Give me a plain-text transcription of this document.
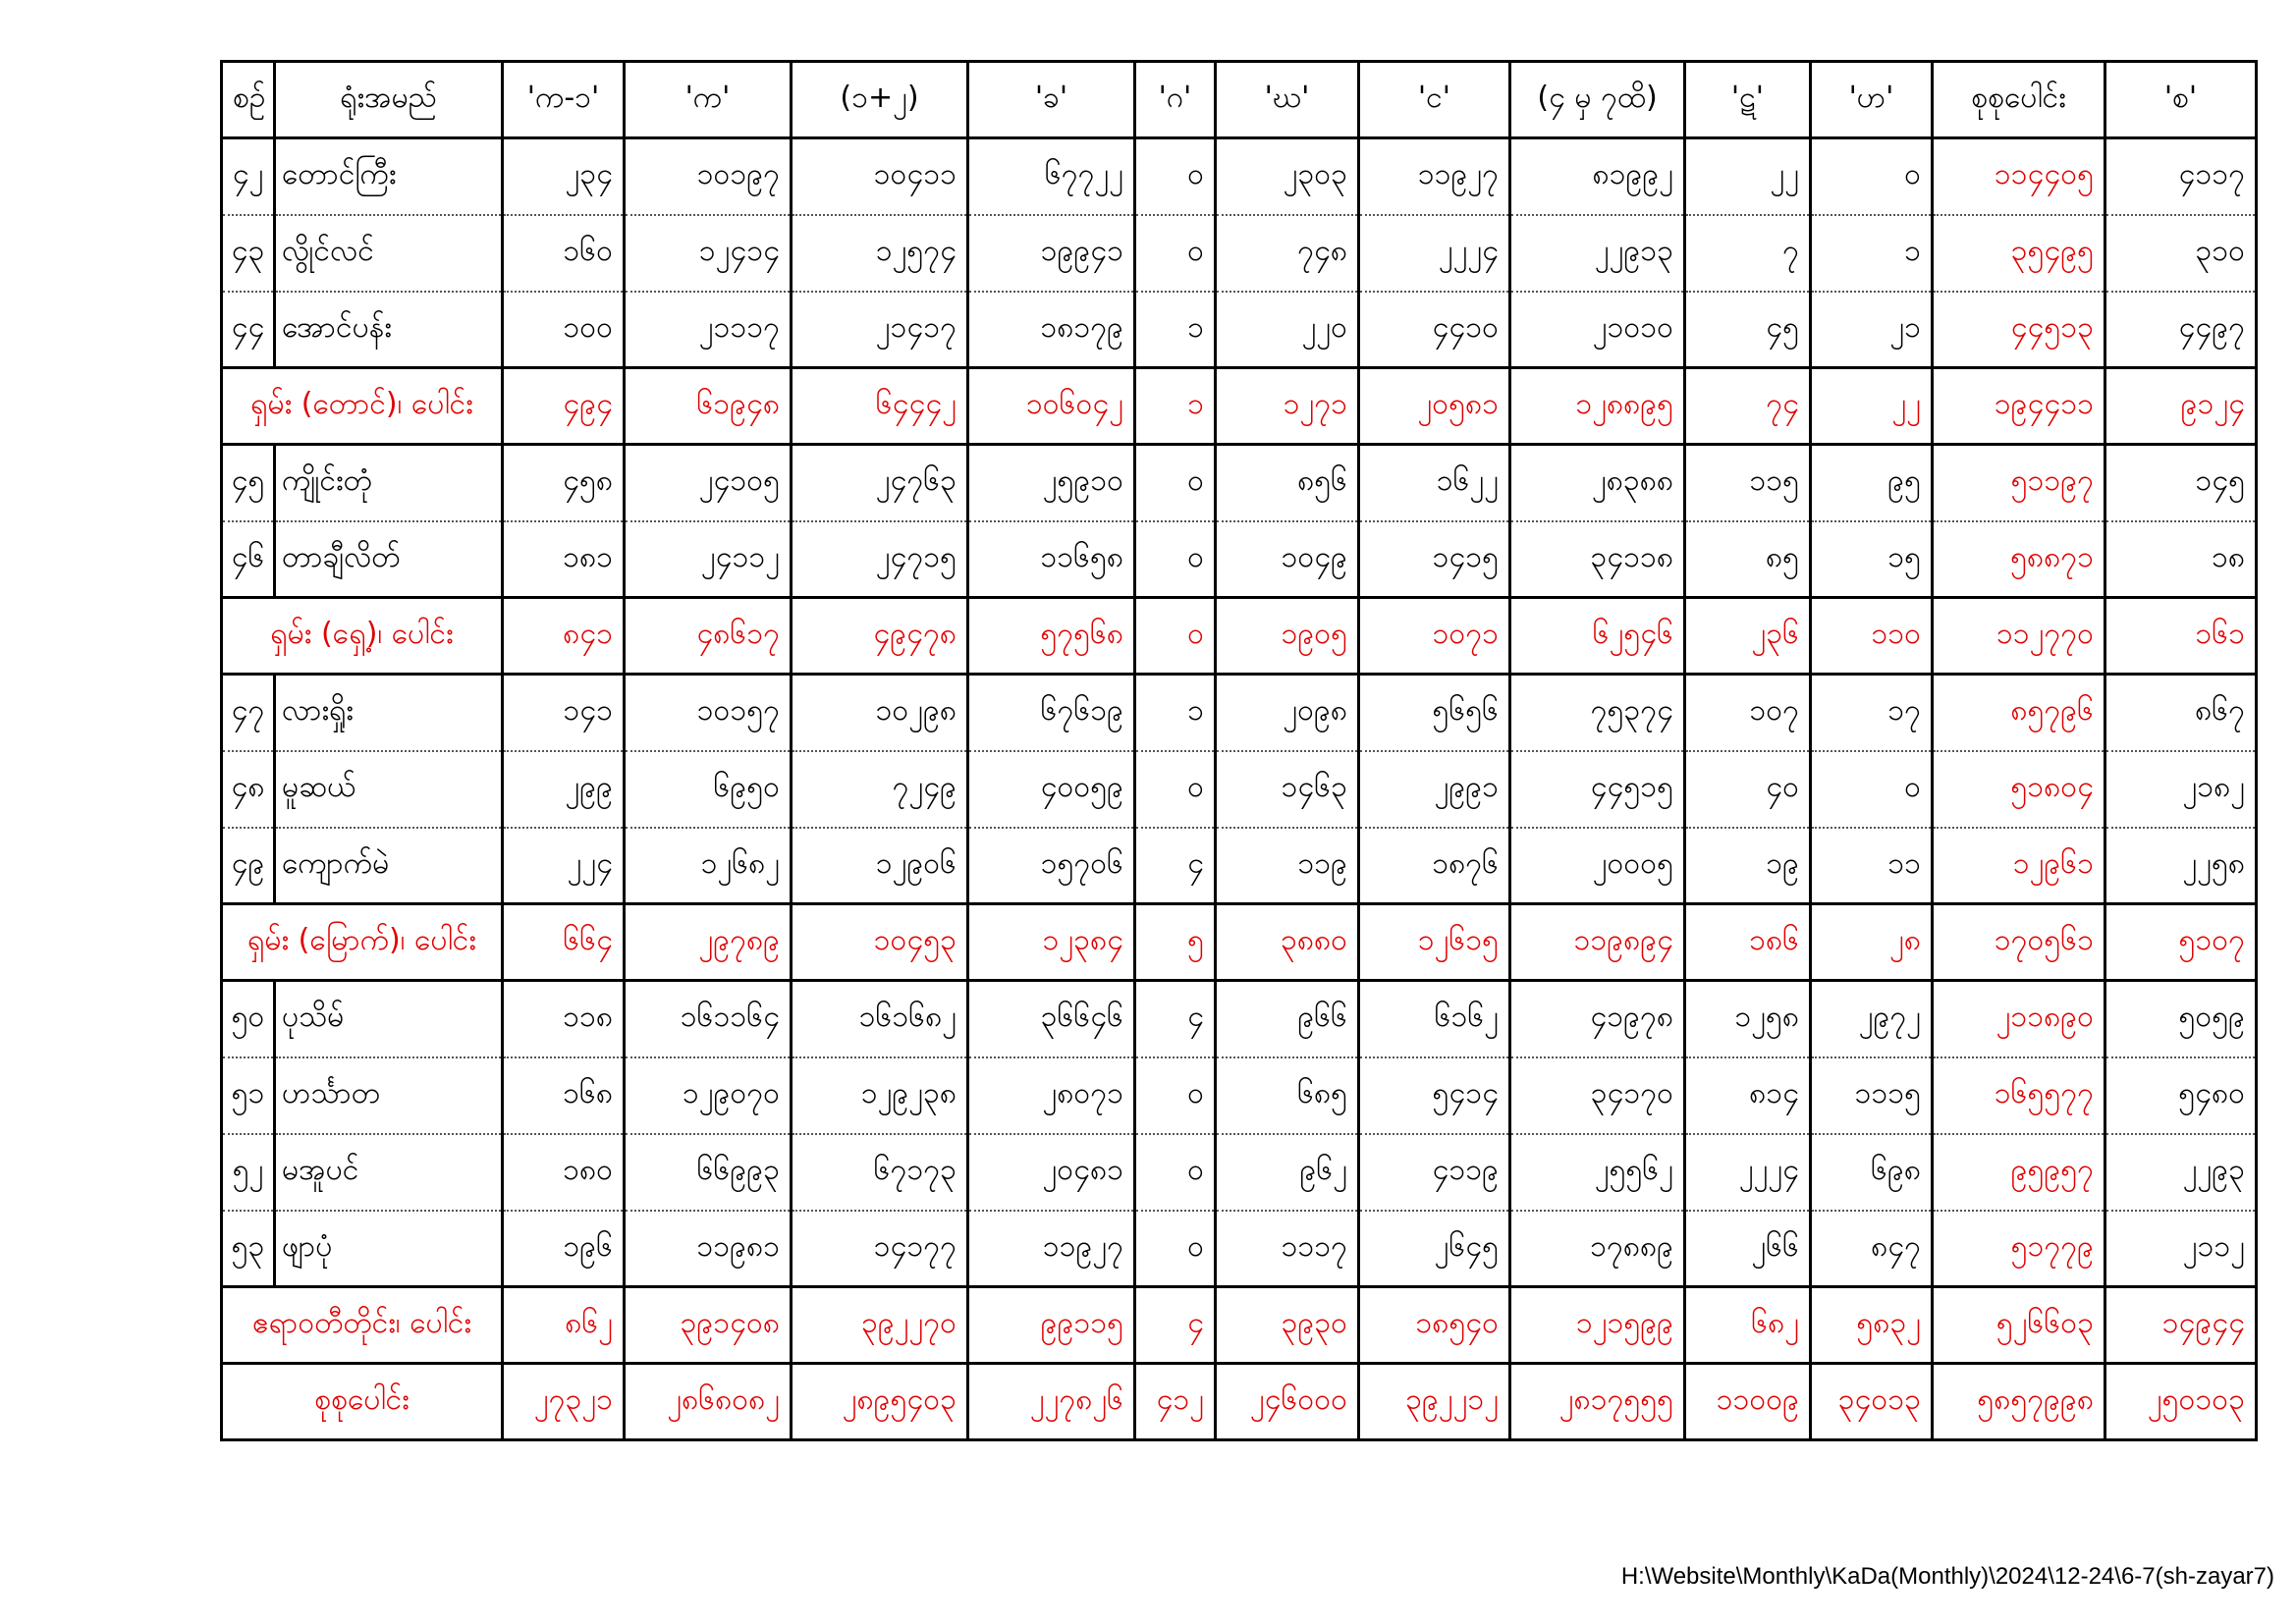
စဉ်	ရုံးအမည်	'က-၁'	'က'	(၁+၂)	'ခ'	'ဂ'	'ဃ'	'င'	(၄ မှ ၇ထိ)	'ဋ'	'ဟ'	စုစုပေါင်း	'စ'
၄၂	တောင်ကြီး	၂၃၄	၁၀၁၉၇	၁၀၄၁၁	၆၇၇၂၂	၀	၂၃၀၃	၁၁၉၂၇	၈၁၉၉၂	၂၂	၀	၁၁၄၄၀၅	၄၁၁၇
၄၃	လွိုင်လင်	၁၆၀	၁၂၄၁၄	၁၂၅၇၄	၁၉၉၄၁	၀	၇၄၈	၂၂၂၄	၂၂၉၁၃	၇	၁	၃၅၄၉၅	၃၁၀
၄၄	အောင်ပန်း	၁၀၀	၂၁၁၁၇	၂၁၄၁၇	၁၈၁၇၉	၁	၂၂၀	၄၄၁၀	၂၁၀၁၀	၄၅	၂၁	၄၄၅၁၃	၄၄၉၇
ရှမ်း (တောင်)၊ ပေါင်း		၄၉၄	၆၁၉၄၈	၆၄၄၄၂	၁၀၆၀၄၂	၁	၁၂၇၁	၂၀၅၈၁	၁၂၈၈၉၅	၇၄	၂၂	၁၉၄၄၁၁	၉၁၂၄
၄၅	ကျိုင်းတုံ	၄၅၈	၂၄၁၀၅	၂၄၇၆၃	၂၅၉၁၀	၀	၈၅၆	၁၆၂၂	၂၈၃၈၈	၁၁၅	၉၅	၅၁၁၉၇	၁၄၅
၄၆	တာချီလိတ်	၁၈၁	၂၄၁၁၂	၂၄၇၁၅	၁၁၆၅၈	၀	၁၀၄၉	၁၄၁၅	၃၄၁၁၈	၈၅	၁၅	၅၈၈၇၁	၁၈
ရှမ်း (ရှေ့)၊ ပေါင်း		၈၄၁	၄၈၆၁၇	၄၉၄၇၈	၅၇၅၆၈	၀	၁၉၀၅	၁၀၇၁	၆၂၅၄၆	၂၃၆	၁၁၀	၁၁၂၇၇၀	၁၆၁
၄၇	လားရှိုး	၁၄၁	၁၀၁၅၇	၁၀၂၉၈	၆၇၆၁၉	၁	၂၀၉၈	၅၆၅၆	၇၅၃၇၄	၁၀၇	၁၇	၈၅၇၉၆	၈၆၇
၄၈	မူဆယ်	၂၉၉	၆၉၅၀	၇၂၄၉	၄၀၀၅၉	၀	၁၄၆၃	၂၉၉၁	၄၄၅၁၅	၄၀	၀	၅၁၈၀၄	၂၁၈၂
၄၉	ကျောက်မဲ	၂၂၄	၁၂၆၈၂	၁၂၉၀၆	၁၅၇၀၆	၄	၁၁၉	၁၈၇၆	၂၀၀၀၅	၁၉	၁၁	၁၂၉၆၁	၂၂၅၈
ရှမ်း (မြောက်)၊ ပေါင်း		၆၆၄	၂၉၇၈၉	၁၀၄၅၃	၁၂၃၈၄	၅	၃၈၈၀	၁၂၆၁၅	၁၁၉၈၉၄	၁၈၆	၂၈	၁၇၀၅၆၁	၅၁၀၇
၅၀	ပုသိမ်	၁၁၈	၁၆၁၁၆၄	၁၆၁၆၈၂	၃၆၆၄၆	၄	၉၆၆	၆၁၆၂	၄၁၉၇၈	၁၂၅၈	၂၉၇၂	၂၁၁၈၉၀	၅၀၅၉
၅၁	ဟင်္သာတ	၁၆၈	၁၂၉၀၇၀	၁၂၉၂၃၈	၂၈၀၇၁	၀	၆၈၅	၅၄၁၄	၃၄၁၇၀	၈၁၄	၁၁၁၅	၁၆၅၅၇၇	၅၄၈၀
၅၂	မအူပင်	၁၈၀	၆၆၉၉၃	၆၇၁၇၃	၂၀၄၈၁	၀	၉၆၂	၄၁၁၉	၂၅၅၆၂	၂၂၂၄	၆၉၈	၉၅၉၅၇	၂၂၉၃
၅၃	ဖျာပုံ	၁၉၆	၁၁၉၈၁	၁၄၁၇၇	၁၁၉၂၇	၀	၁၁၁၇	၂၆၄၅	၁၇၈၈၉	၂၆၆	၈၄၇	၅၁၇၇၉	၂၁၁၂
ဧရာဝတီတိုင်း၊ ပေါင်း		၈၆၂	၃၉၁၄၀၈	၃၉၂၂၇၀	၉၉၁၁၅	၄	၃၉၃၀	၁၈၅၄၀	၁၂၁၅၉၉	၆၈၂	၅၈၃၂	၅၂၆၆၀၃	၁၄၉၄၄
စုစုပေါင်း		၂၇၃၂၁	၂၈၆၈၀၈၂	၂၈၉၅၄၀၃	၂၂၇၈၂၆	၄၁၂	၂၄၆၀၀၀	၃၉၂၂၁၂	၂၈၁၇၅၅၅	၁၁၀၀၉	၃၄၀၁၃	၅၈၅၇၉၉၈	၂၅၀၁၀၃
H:\Website\Monthly\KaDa(Monthly)\2024\12-24\6-7(sh-zayar7)
